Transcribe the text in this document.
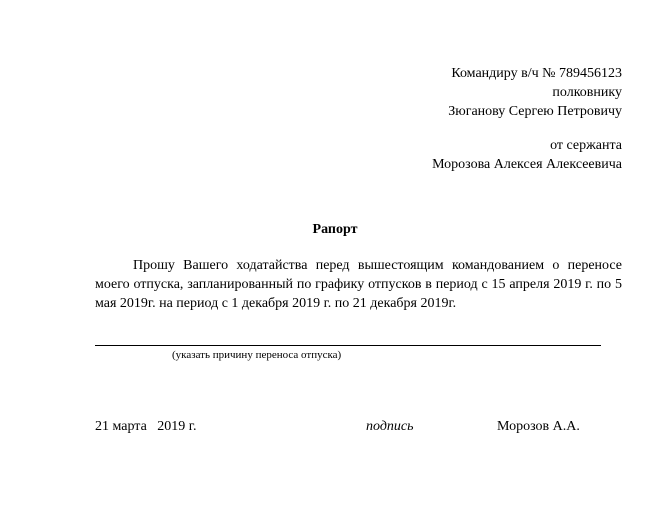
Командиру в/ч № 789456123
полковнику
Зюганову Сергею Петровичу
от сержанта
Морозова Алексея Алексеевича
Рапорт
Прошу Вашего ходатайства перед вышестоящим командованием о переносе моего отпуска, запланированный по графику отпусков в период с 15 апреля 2019 г. по 5 мая 2019г. на период с 1 декабря 2019 г. по 21 декабря 2019г.
(указать причину переноса отпуска)
21 марта   2019 г.	подпись	Морозов А.А.
